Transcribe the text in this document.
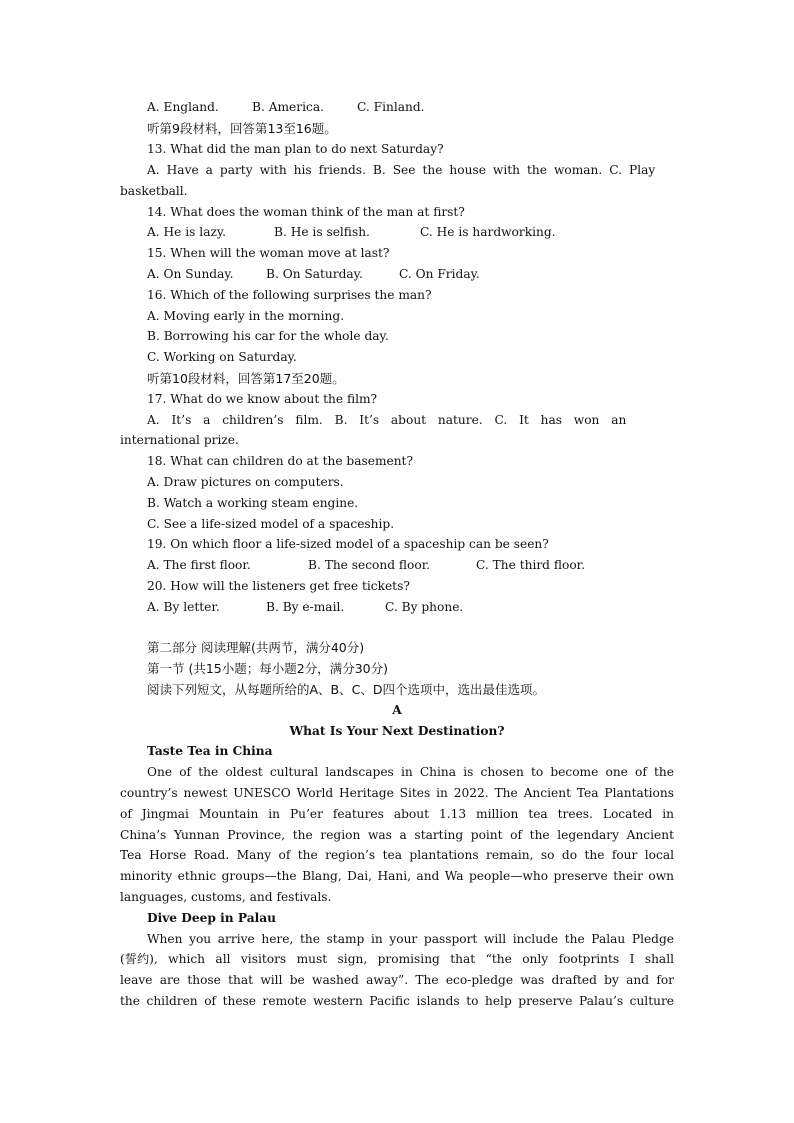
A. England.	B. America.	C. Finland.
听第9段材料，回答第13至16题。
13. What did the man plan to do next Saturday?
A. Have a party with his friends. B. See the house with the woman. C. Play
basketball.
14. What does the woman think of the man at first?
A. He is lazy.	B. He is selfish.	C. He is hardworking.
15. When will the woman move at last?
A. On Sunday.	B. On Saturday.	C. On Friday.
16. Which of the following surprises the man?
A. Moving early in the morning.
B. Borrowing his car for the whole day.
C. Working on Saturday.
听第10段材料，回答第17至20题。
17. What do we know about the film?
A. It’s a children’s film. B. It’s about nature. C. It has won an
international prize.
18. What can children do at the basement?
A. Draw pictures on computers.
B. Watch a working steam engine.
C. See a life-sized model of a spaceship.
19. On which floor a life-sized model of a spaceship can be seen?
A. The first floor.	B. The second floor.	C. The third floor.
20. How will the listeners get free tickets?
A. By letter.	B. By e-mail.	C. By phone.
第二部分 阅读理解(共两节，满分40分)
第一节 (共15小题；每小题2分，满分30分)
阅读下列短文，从每题所给的A、B、C、D四个选项中，选出最佳选项。
A
What Is Your Next Destination?
Taste Tea in China
One of the oldest cultural landscapes in China is chosen to become one of the
country’s newest UNESCO World Heritage Sites in 2022. The Ancient Tea Plantations
of Jingmai Mountain in Pu’er features about 1.13 million tea trees. Located in
China’s Yunnan Province, the region was a starting point of the legendary Ancient
Tea Horse Road. Many of the region’s tea plantations remain, so do the four local
minority ethnic groups—the Blang, Dai, Hani, and Wa people—who preserve their own
languages, customs, and festivals.
Dive Deep in Palau
When you arrive here, the stamp in your passport will include the Palau Pledge
(誓约), which all visitors must sign, promising that “the only footprints I shall
leave are those that will be washed away”. The eco-pledge was drafted by and for
the children of these remote western Pacific islands to help preserve Palau’s culture
